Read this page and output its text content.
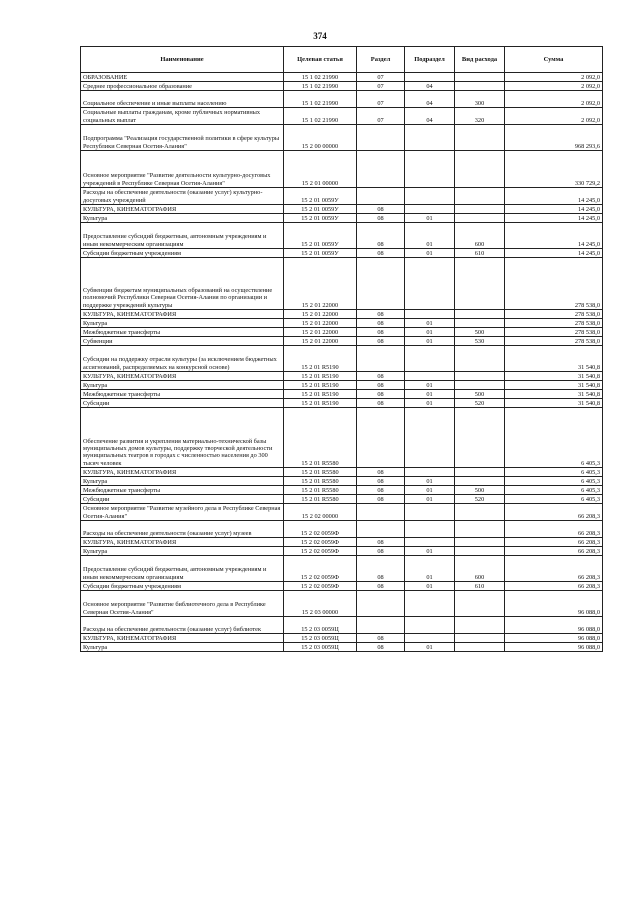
374
Наименование	Целевая статья	Раздел	Подраздел	Вид расхода	Сумма
ОБРАЗОВАНИЕ	15 1 02 21990	07			2 092,0
Среднее профессиональное образование	15 1 02 21990	07	04		2 092,0
Социальное обеспечение и иные выплаты населению	15 1 02 21990	07	04	300	2 092,0
Социальные выплаты гражданам, кроме публичных нормативных социальных выплат	15 1 02 21990	07	04	320	2 092,0
Подпрограмма "Реализация государственной политики в сфере культуры Республики Северная Осетия-Алания"	15 2 00 00000				968 293,6
Основное мероприятие "Развитие деятельности культурно-досуговых учреждений в Республике Северная Осетия-Алания"	15 2 01 00000				330 729,2
Расходы на обеспечение деятельности (оказание услуг) культурно-досуговых учреждений	15 2 01 0059У				14 245,0
КУЛЬТУРА, КИНЕМАТОГРАФИЯ	15 2 01 0059У	08			14 245,0
Культура	15 2 01 0059У	08	01		14 245,0
Предоставление субсидий бюджетным, автономным учреждениям и иным некоммерческим организациям	15 2 01 0059У	08	01	600	14 245,0
Субсидии бюджетным учреждениям	15 2 01 0059У	08	01	610	14 245,0
Субвенции бюджетам муниципальных образований на осуществление полномочий Республики Северная Осетия-Алания по организации и поддержке учреждений культуры	15 2 01 22000				278 538,0
КУЛЬТУРА, КИНЕМАТОГРАФИЯ	15 2 01 22000	08			278 538,0
Культура	15 2 01 22000	08	01		278 538,0
Межбюджетные трансферты	15 2 01 22000	08	01	500	278 538,0
Субвенции	15 2 01 22000	08	01	530	278 538,0
Субсидии на поддержку отрасли культуры (за исключением бюджетных ассигнований, распределяемых на конкурсной основе)	15 2 01 R5190				31 540,8
КУЛЬТУРА, КИНЕМАТОГРАФИЯ	15 2 01 R5190	08			31 540,8
Культура	15 2 01 R5190	08	01		31 540,8
Межбюджетные трансферты	15 2 01 R5190	08	01	500	31 540,8
Субсидии	15 2 01 R5190	08	01	520	31 540,8
Обеспечение развития и укрепления материально-технической базы муниципальных домов культуры, поддержку творческой деятельности муниципальных театров в городах с численностью населения до 300 тысяч человек	15 2 01 R5580				6 405,3
КУЛЬТУРА, КИНЕМАТОГРАФИЯ	15 2 01 R5580	08			6 405,3
Культура	15 2 01 R5580	08	01		6 405,3
Межбюджетные трансферты	15 2 01 R5580	08	01	500	6 405,3
Субсидии	15 2 01 R5580	08	01	520	6 405,3
Основное мероприятие "Развитие музейного дела в Республике Северная Осетия-Алания"	15 2 02 00000				66 208,3
Расходы на обеспечение деятельности (оказание услуг) музеев	15 2 02 0059Ф				66 208,3
КУЛЬТУРА, КИНЕМАТОГРАФИЯ	15 2 02 0059Ф	08			66 208,3
Культура	15 2 02 0059Ф	08	01		66 208,3
Предоставление субсидий бюджетным, автономным учреждениям и иным некоммерческим организациям	15 2 02 0059Ф	08	01	600	66 208,3
Субсидии бюджетным учреждениям	15 2 02 0059Ф	08	01	610	66 208,3
Основное мероприятие "Развитие библиотечного дела в Республике Северная Осетия-Алания"	15 2 03 00000				96 088,0
Расходы на обеспечение деятельности (оказание услуг) библиотек	15 2 03 0059Ц				96 088,0
КУЛЬТУРА, КИНЕМАТОГРАФИЯ	15 2 03 0059Ц	08			96 088,0
Культура	15 2 03 0059Ц	08	01		96 088,0
